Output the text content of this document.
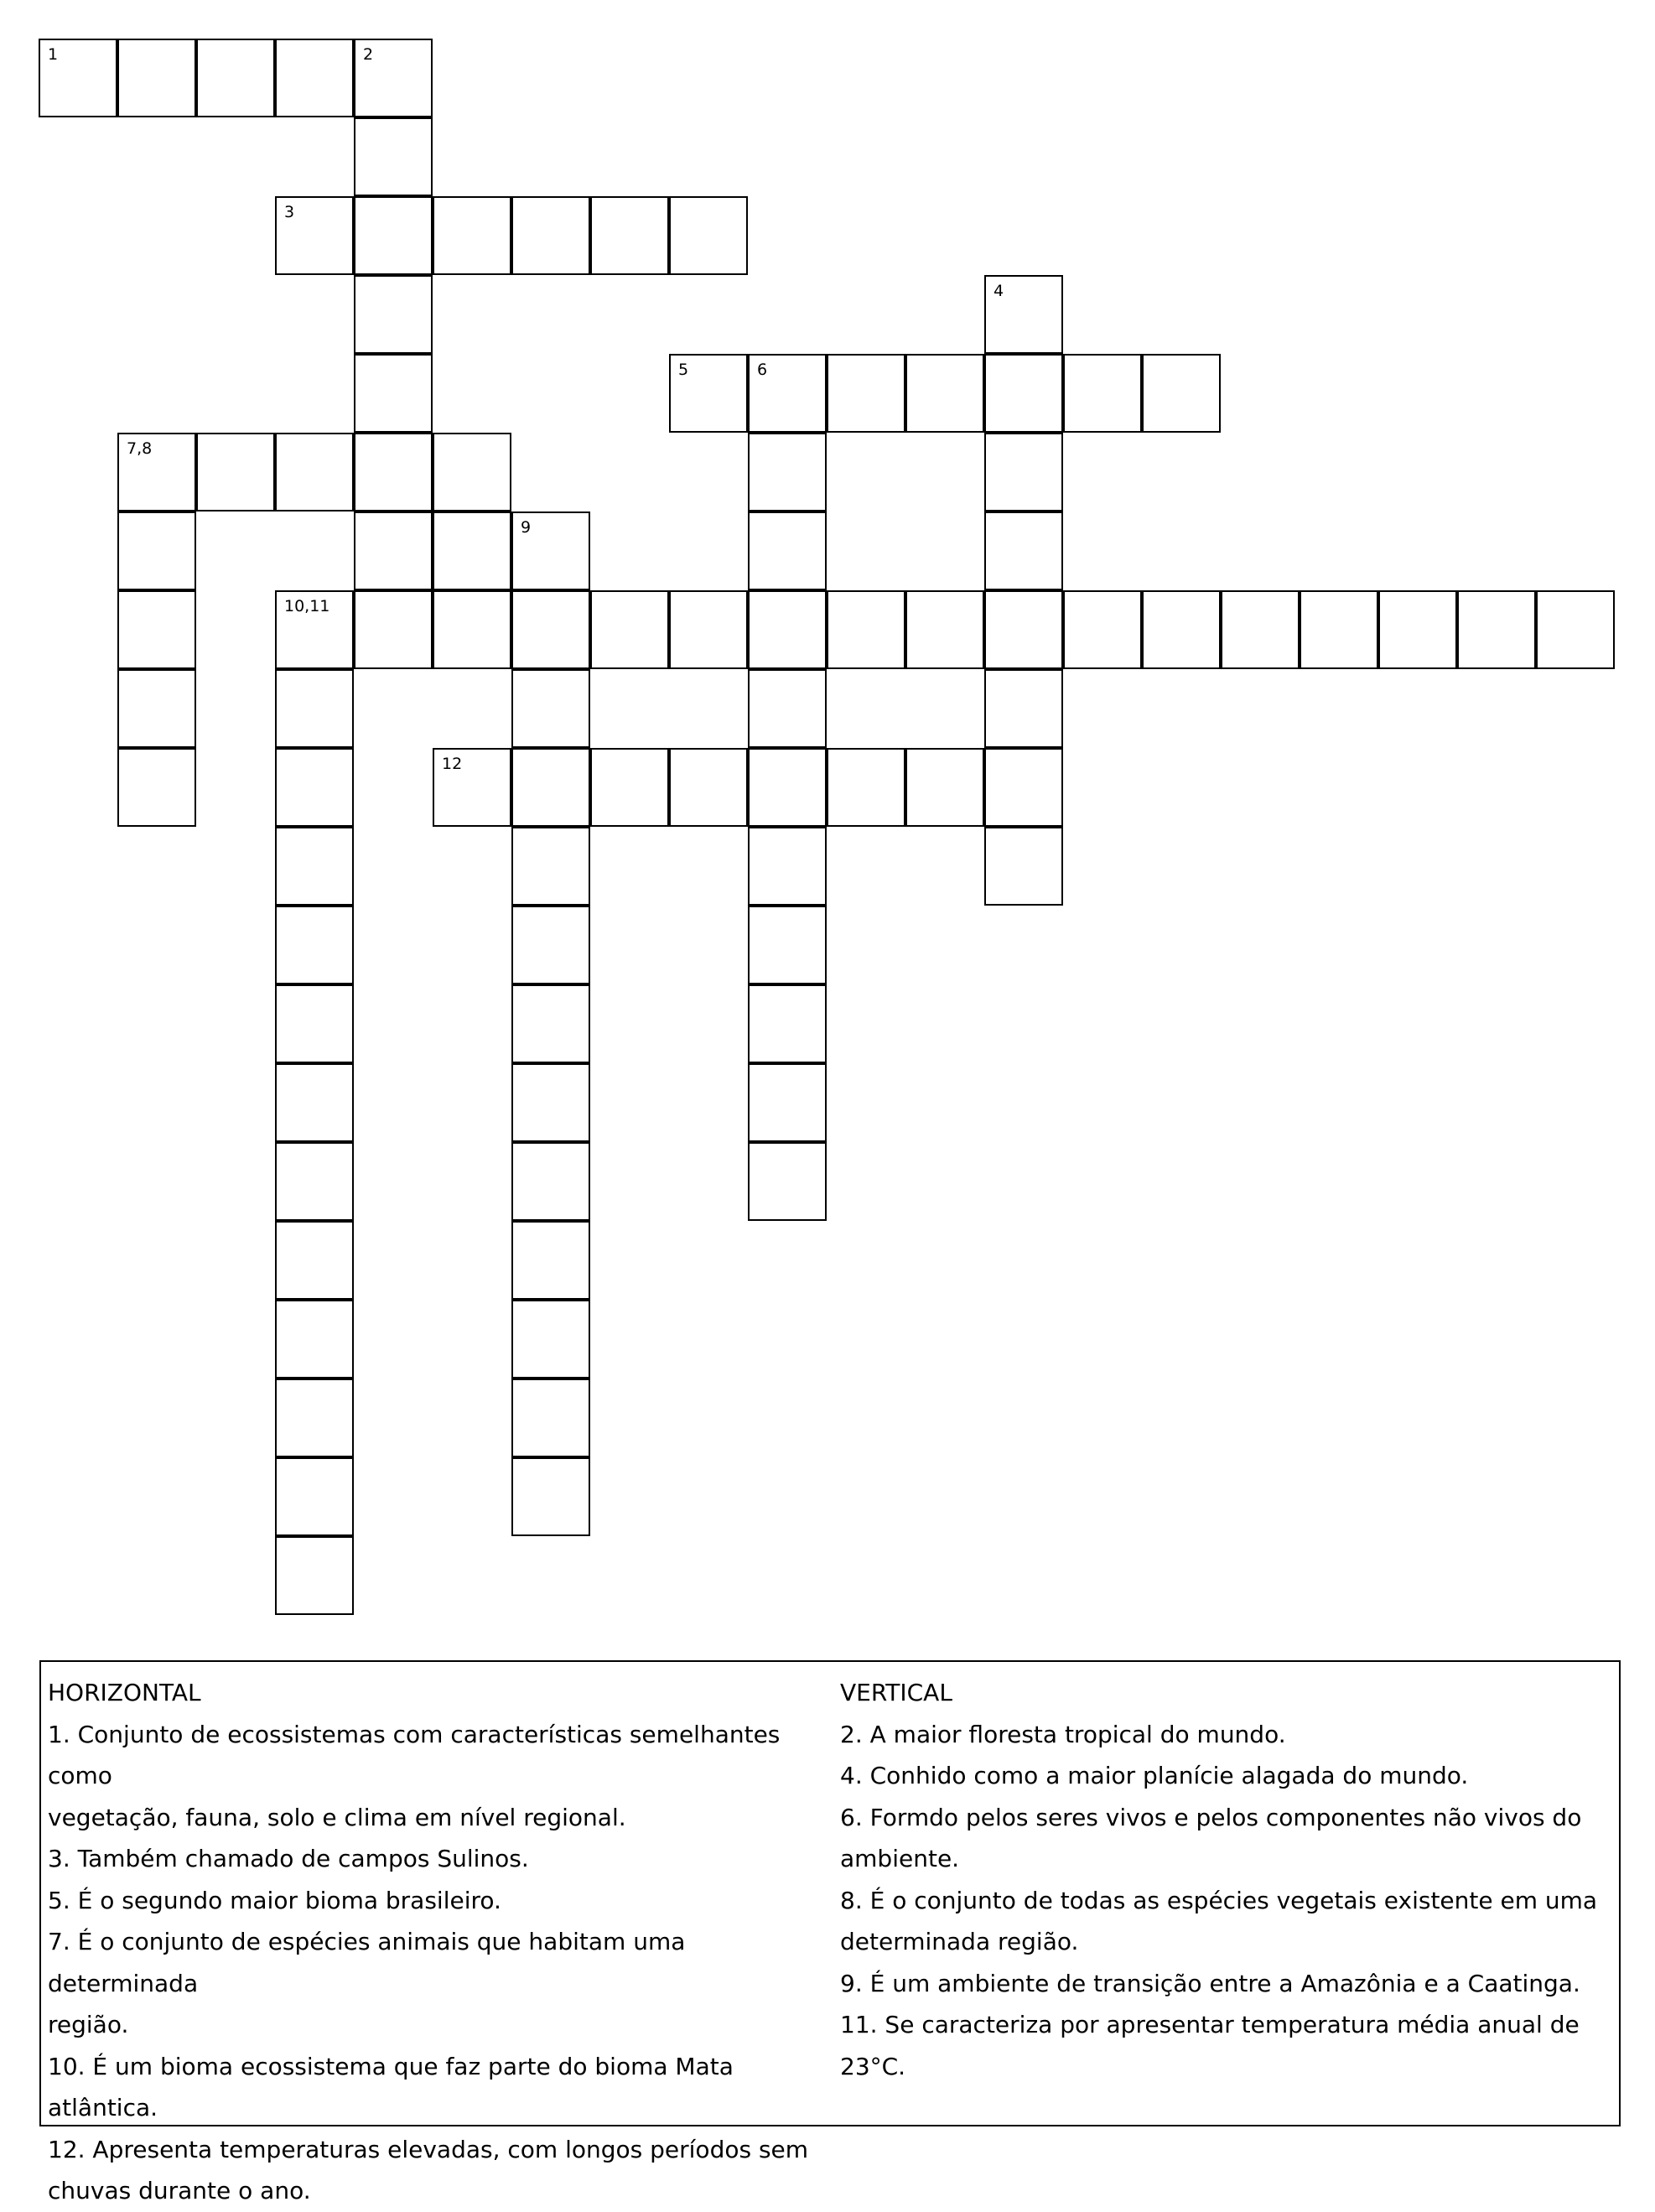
1	2
3
4
5	6
7,8
9
10,11
12
HORIZONTAL
1. Conjunto de ecossistemas com características semelhantes como
vegetação, fauna, solo e clima em nível regional.
3. Também chamado de campos Sulinos.
5. É o segundo maior bioma brasileiro.
7. É o conjunto de espécies animais que habitam uma determinada
região.
10. É um bioma ecossistema que faz parte do bioma Mata atlântica.
12. Apresenta temperaturas elevadas, com longos períodos sem
chuvas durante o ano.
VERTICAL
2. A maior floresta tropical do mundo.
4. Conhido como a maior planície alagada do mundo.
6. Formdo pelos seres vivos e pelos componentes não vivos do
ambiente.
8. É o conjunto de todas as espécies vegetais existente em uma
determinada região.
9. É um ambiente de transição entre a Amazônia e a Caatinga.
11. Se caracteriza por apresentar temperatura média anual de 23°C.
